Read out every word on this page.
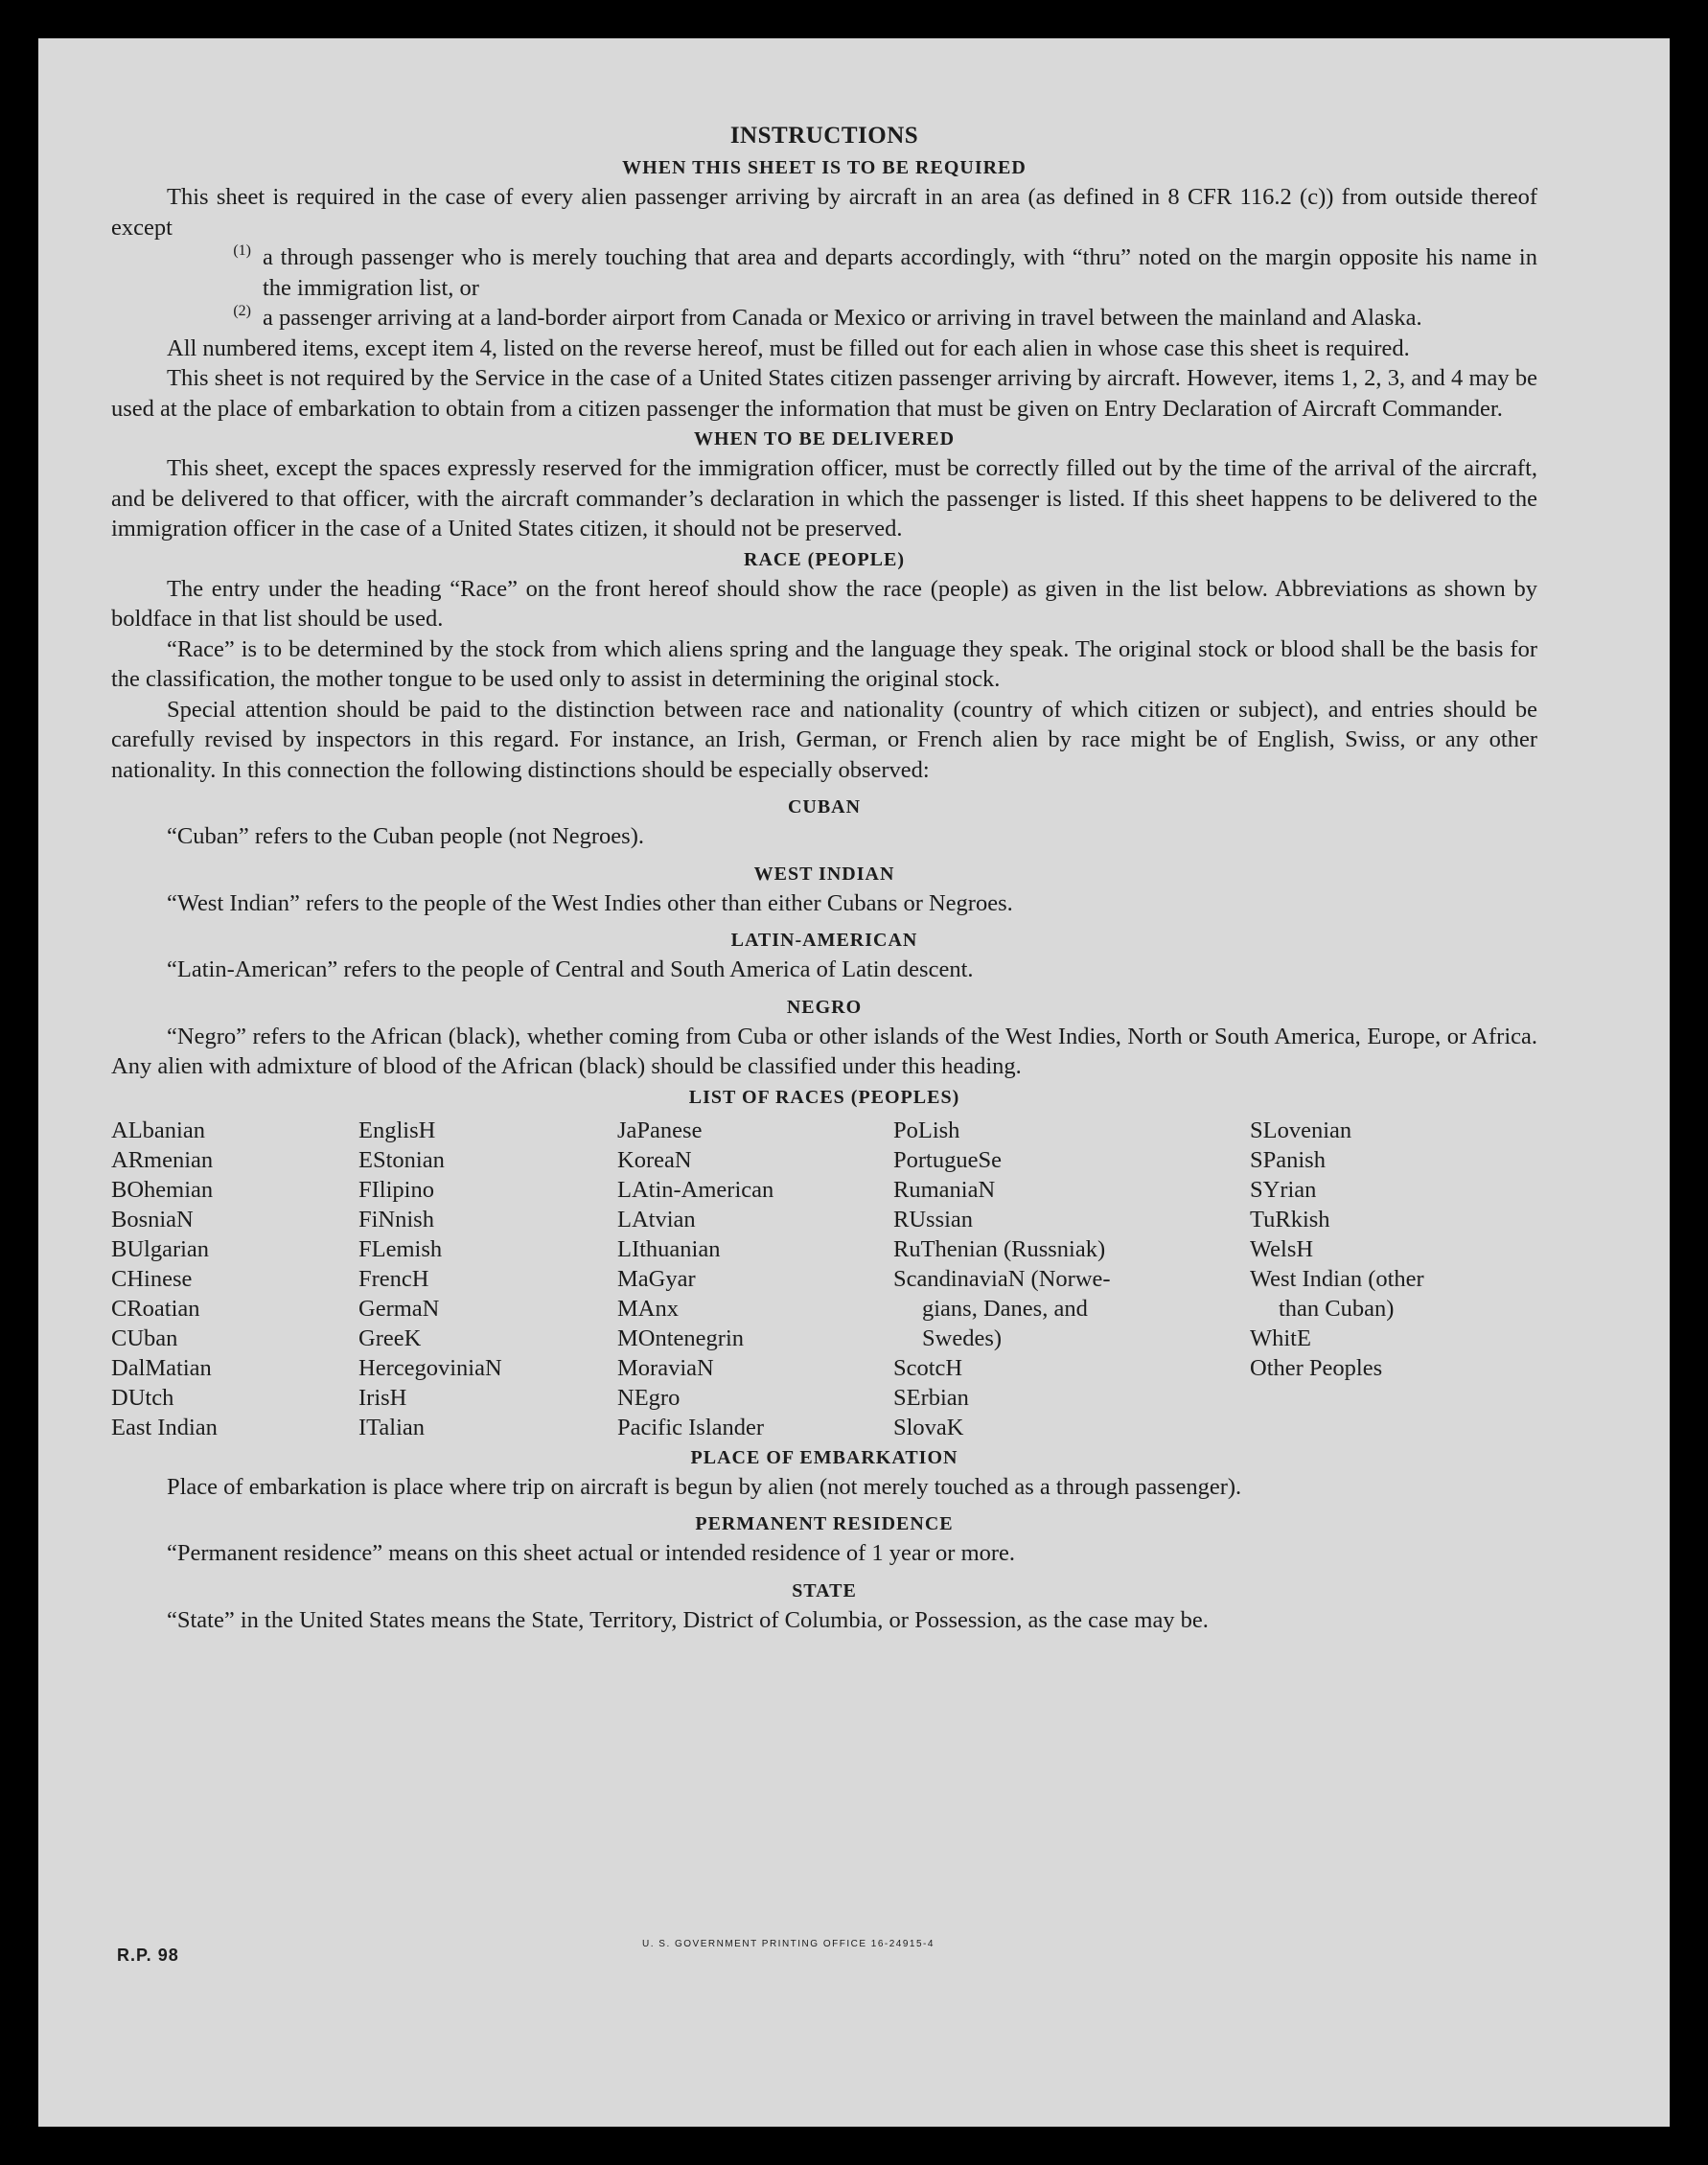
INSTRUCTIONS
WHEN THIS SHEET IS TO BE REQUIRED

This sheet is required in the case of every alien passenger arriving by aircraft in an area (as defined in 8 CFR 116.2 (c)) from outside thereof except

(1) a through passenger who is merely touching that area and departs accordingly, with “thru” noted on the margin opposite his name in the immigration list, or
(2) a passenger arriving at a land-border airport from Canada or Mexico or arriving in travel between the mainland and Alaska.

All numbered items, except item 4, listed on the reverse hereof, must be filled out for each alien in whose case this sheet is required.

This sheet is not required by the Service in the case of a United States citizen passenger arriving by aircraft. However, items 1, 2, 3, and 4 may be used at the place of embarkation to obtain from a citizen passenger the information that must be given on Entry Declaration of Aircraft Commander.

WHEN TO BE DELIVERED

This sheet, except the spaces expressly reserved for the immigration officer, must be correctly filled out by the time of the arrival of the aircraft, and be delivered to that officer, with the aircraft commander’s declaration in which the passenger is listed. If this sheet happens to be delivered to the immigration officer in the case of a United States citizen, it should not be preserved.

RACE (PEOPLE)

The entry under the heading “Race” on the front hereof should show the race (people) as given in the list below. Abbreviations as shown by boldface in that list should be used.

“Race” is to be determined by the stock from which aliens spring and the language they speak. The original stock or blood shall be the basis for the classification, the mother tongue to be used only to assist in determining the original stock.

Special attention should be paid to the distinction between race and nationality (country of which citizen or subject), and entries should be carefully revised by inspectors in this regard. For instance, an Irish, German, or French alien by race might be of English, Swiss, or any other nationality. In this connection the following distinctions should be especially observed:

CUBAN

“Cuban” refers to the Cuban people (not Negroes).

WEST INDIAN

“West Indian” refers to the people of the West Indies other than either Cubans or Negroes.

LATIN-AMERICAN

“Latin-American” refers to the people of Central and South America of Latin descent.

NEGRO

“Negro” refers to the African (black), whether coming from Cuba or other islands of the West Indies, North or South America, Europe, or Africa. Any alien with admixture of blood of the African (black) should be classified under this heading.

LIST OF RACES (PEOPLES)
ALbanian
ARmenian
BOhemian
BosniaN
BUlgarian
CHinese
CRoatian
CUban
DalMatian
DUtch
East Indian
EnglisH
EStonian
FIlipino
FiNnish
FLemish
FrencH
GermaN
GreeK
HercegoviniaN
IrisH
ITalian
JaPanese
KoreaN
LAtin-American
LAtvian
LIthuanian
MaGyar
MAnx
MOntenegrin
MoraviaN
NEgro
Pacific Islander
PoLish
PortugueSe
RumaniaN
RUssian
RuThenian (Russniak)
ScandinaviaN (Norwe-
gians, Danes, and
Swedes)
ScotcH
SErbian
SlovaK
SLovenian
SPanish
SYrian
TuRkish
WelsH
West Indian (other
than Cuban)
WhitE
Other Peoples
PLACE OF EMBARKATION

Place of embarkation is place where trip on aircraft is begun by alien (not merely touched as a through passenger).

PERMANENT RESIDENCE

“Permanent residence” means on this sheet actual or intended residence of 1 year or more.

STATE

“State” in the United States means the State, Territory, District of Columbia, or Possession, as the case may be.

R.P. 98
U. S. GOVERNMENT PRINTING OFFICE 16-24915-4
